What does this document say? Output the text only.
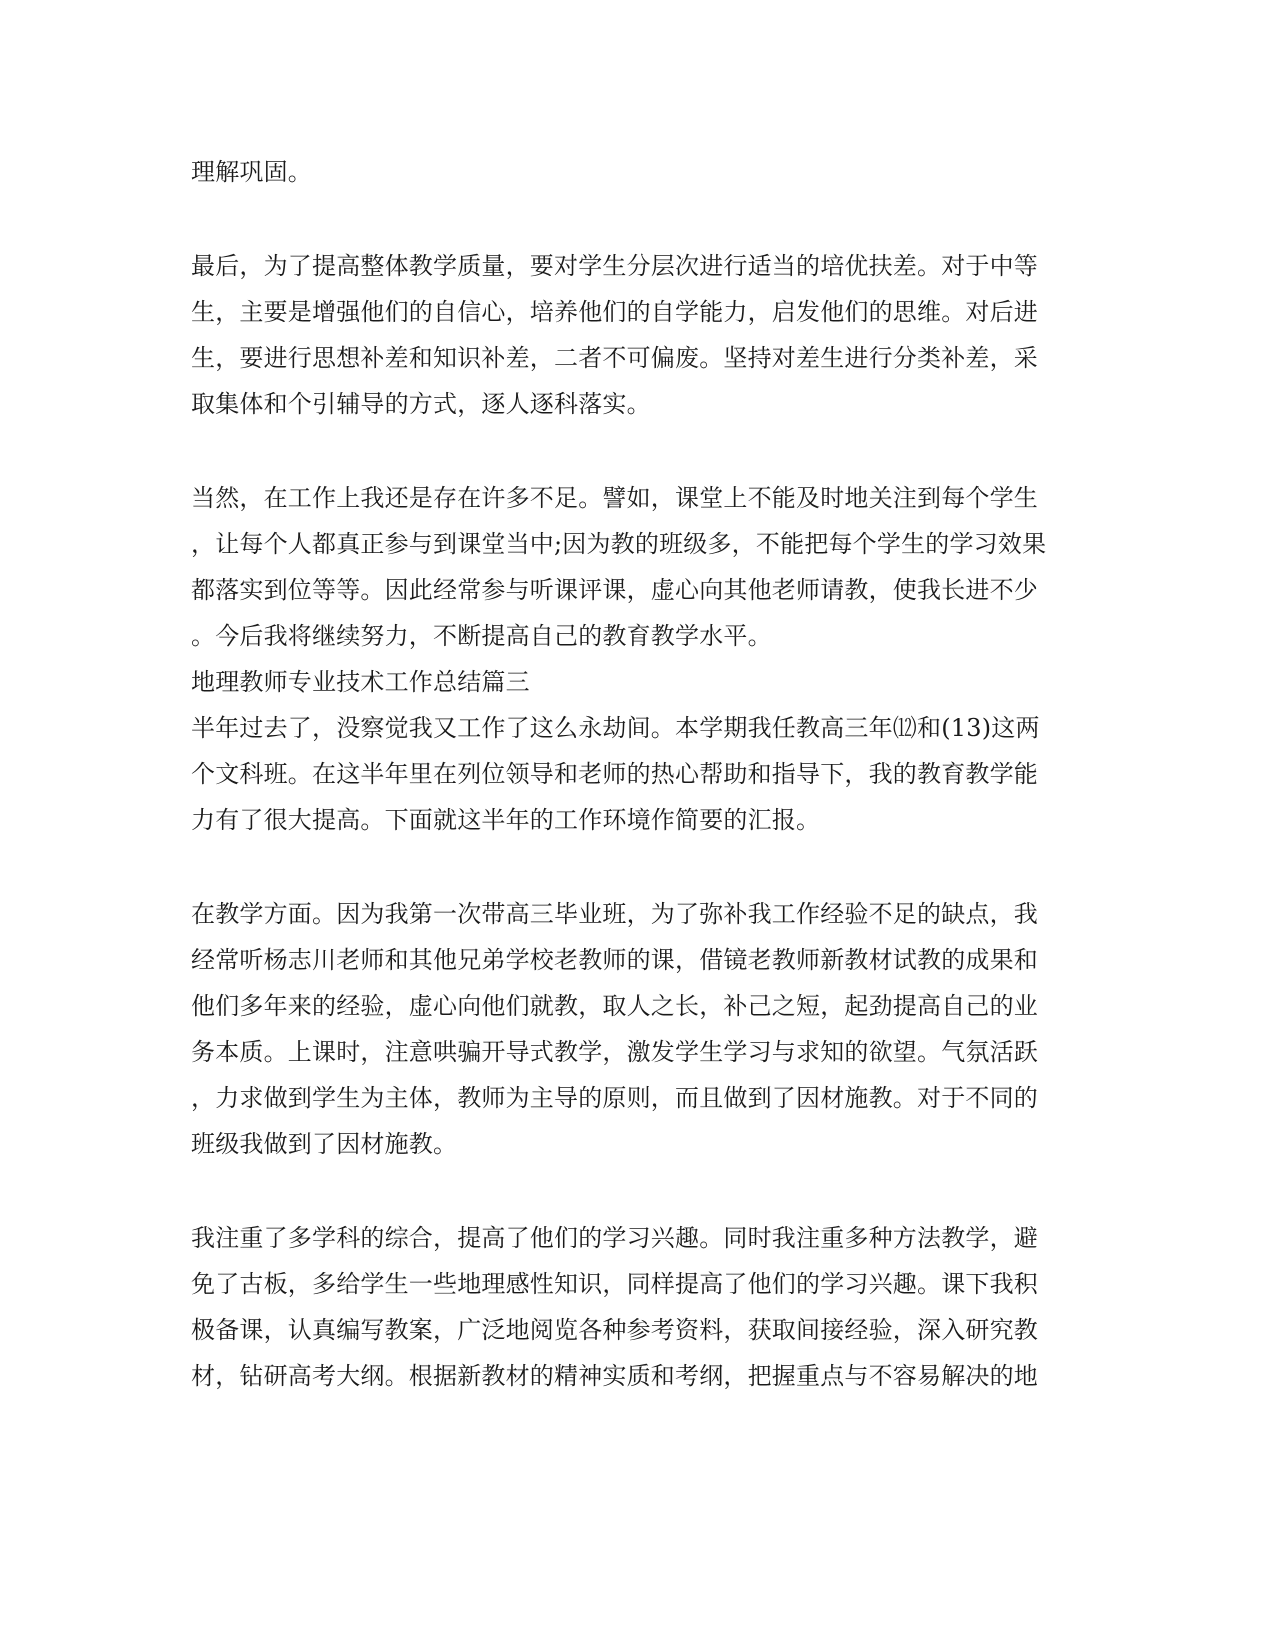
理解巩固。
最后，为了提高整体教学质量，要对学生分层次进行适当的培优扶差。对于中等
生，主要是增强他们的自信心，培养他们的自学能力，启发他们的思维。对后进
生，要进行思想补差和知识补差，二者不可偏废。坚持对差生进行分类补差，采
取集体和个引辅导的方式，逐人逐科落实。
当然，在工作上我还是存在许多不足。譬如，课堂上不能及时地关注到每个学生
，让每个人都真正参与到课堂当中;因为教的班级多，不能把每个学生的学习效果
都落实到位等等。因此经常参与听课评课，虚心向其他老师请教，使我长进不少
。今后我将继续努力，不断提高自己的教育教学水平。
地理教师专业技术工作总结篇三
半年过去了，没察觉我又工作了这么永劫间。本学期我任教高三年⑿和(13)这两
个文科班。在这半年里在列位领导和老师的热心帮助和指导下，我的教育教学能
力有了很大提高。下面就这半年的工作环境作简要的汇报。
在教学方面。因为我第一次带高三毕业班，为了弥补我工作经验不足的缺点，我
经常听杨志川老师和其他兄弟学校老教师的课，借镜老教师新教材试教的成果和
他们多年来的经验，虚心向他们就教，取人之长，补己之短，起劲提高自己的业
务本质。上课时，注意哄骗开导式教学，激发学生学习与求知的欲望。气氛活跃
，力求做到学生为主体，教师为主导的原则，而且做到了因材施教。对于不同的
班级我做到了因材施教。
我注重了多学科的综合，提高了他们的学习兴趣。同时我注重多种方法教学，避
免了古板，多给学生一些地理感性知识，同样提高了他们的学习兴趣。课下我积
极备课，认真编写教案，广泛地阅览各种参考资料，获取间接经验，深入研究教
材，钻研高考大纲。根据新教材的精神实质和考纲，把握重点与不容易解决的地
